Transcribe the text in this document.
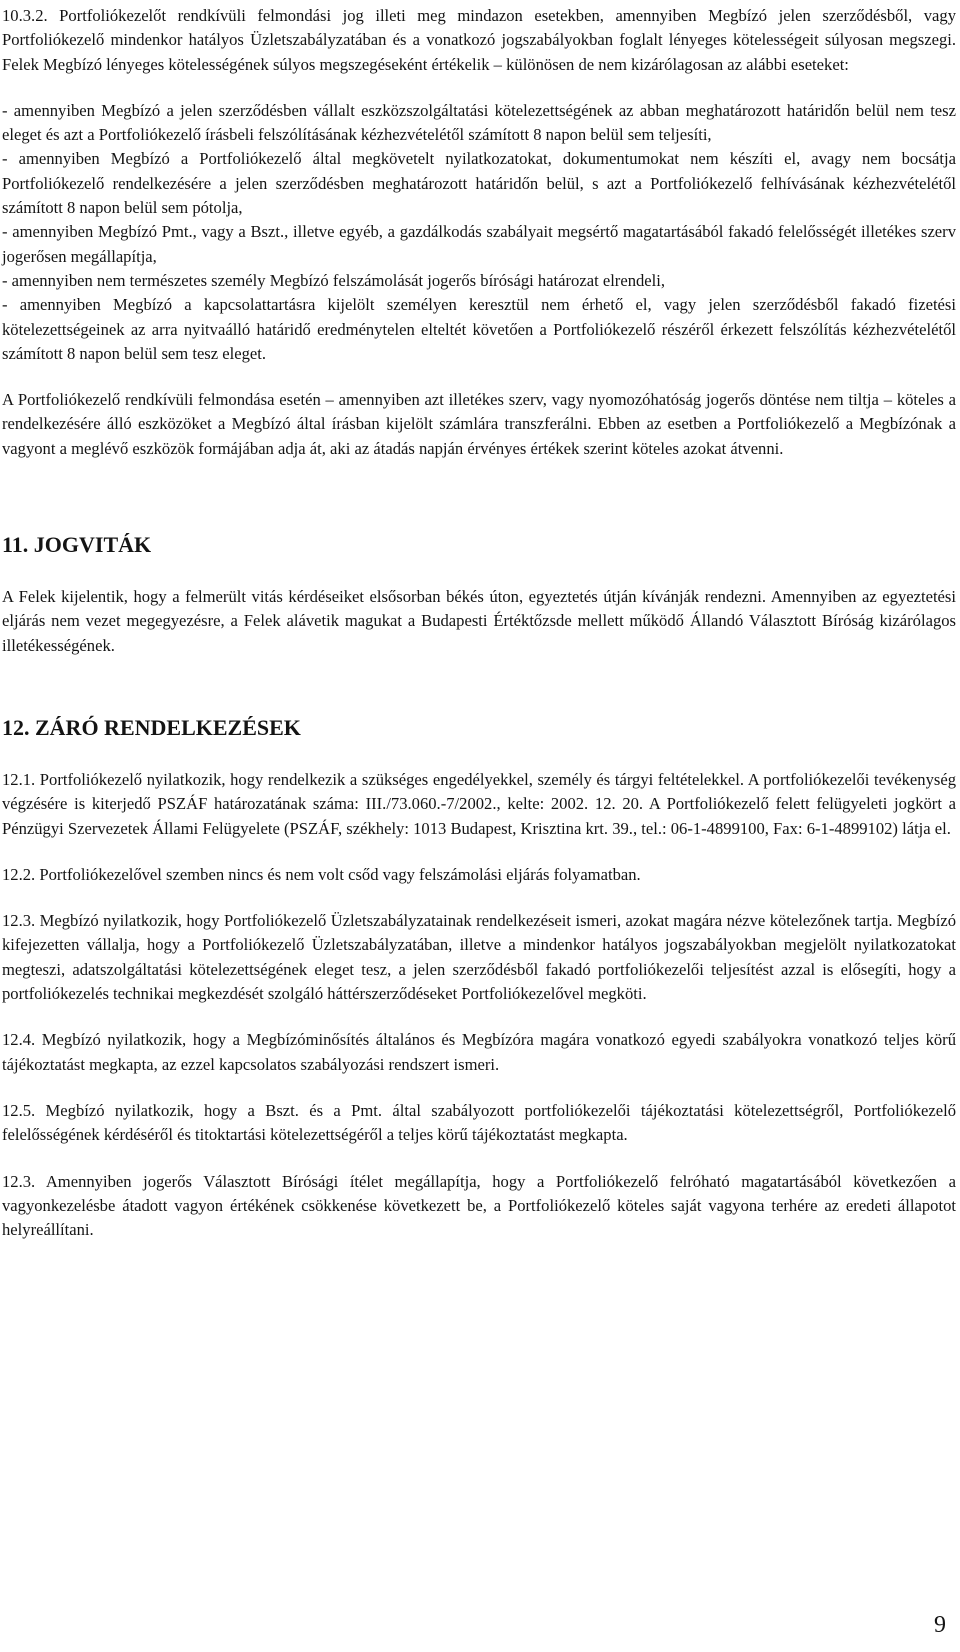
10.3.2. Portfoliókezelőt rendkívüli felmondási jog illeti meg mindazon esetekben, amennyiben Megbízó jelen szerződésből, vagy Portfoliókezelő mindenkor hatályos Üzletszabályzatában és a vonatkozó jogszabályokban foglalt lényeges kötelességeit súlyosan megszegi. Felek Megbízó lényeges kötelességének súlyos megszegéseként értékelik – különösen de nem kizárólagosan az alábbi eseteket:

- amennyiben Megbízó a jelen szerződésben vállalt eszközszolgáltatási kötelezettségének az abban meghatározott határidőn belül nem tesz eleget és azt a Portfoliókezelő írásbeli felszólításának kézhezvételétől számított 8 napon belül sem teljesíti,

- amennyiben Megbízó a Portfoliókezelő által megkövetelt nyilatkozatokat, dokumentumokat nem készíti el, avagy nem bocsátja Portfoliókezelő rendelkezésére a jelen szerződésben meghatározott határidőn belül, s azt a Portfoliókezelő felhívásának kézhezvételétől számított 8 napon belül sem pótolja,

- amennyiben Megbízó Pmt., vagy a Bszt., illetve egyéb, a gazdálkodás szabályait megsértő magatartásából fakadó felelősségét illetékes szerv jogerősen megállapítja,

- amennyiben nem természetes személy Megbízó felszámolását jogerős bírósági határozat elrendeli,

- amennyiben Megbízó a kapcsolattartásra kijelölt személyen keresztül nem érhető el, vagy jelen szerződésből fakadó fizetési kötelezettségeinek az arra nyitvaálló határidő eredménytelen elteltét követően a Portfoliókezelő részéről érkezett felszólítás kézhezvételétől számított 8 napon belül sem tesz eleget.

A Portfoliókezelő rendkívüli felmondása esetén – amennyiben azt illetékes szerv, vagy nyomozóhatóság jogerős döntése nem tiltja – köteles a rendelkezésére álló eszközöket a Megbízó által írásban kijelölt számlára transzferálni. Ebben az esetben a Portfoliókezelő a Megbízónak a vagyont a meglévő eszközök formájában adja át, aki az átadás napján érvényes értékek szerint köteles azokat átvenni.

11. JOGVITÁK

A Felek kijelentik, hogy a felmerült vitás kérdéseiket elsősorban békés úton, egyeztetés útján kívánják rendezni. Amennyiben az egyeztetési eljárás nem vezet megegyezésre, a Felek alávetik magukat a Budapesti Értéktőzsde mellett működő Állandó Választott Bíróság kizárólagos illetékességének.

12. ZÁRÓ RENDELKEZÉSEK

12.1. Portfoliókezelő nyilatkozik, hogy rendelkezik a szükséges engedélyekkel, személy és tárgyi feltételekkel. A portfoliókezelői tevékenység végzésére is kiterjedő PSZÁF határozatának száma: III./73.060.-7/2002., kelte: 2002. 12. 20. A Portfoliókezelő felett felügyeleti jogkört a Pénzügyi Szervezetek Állami Felügyelete (PSZÁF, székhely: 1013 Budapest, Krisztina krt. 39., tel.: 06-1-4899100, Fax: 6-1-4899102) látja el.

12.2. Portfoliókezelővel szemben nincs és nem volt csőd vagy felszámolási eljárás folyamatban.

12.3. Megbízó nyilatkozik, hogy Portfoliókezelő Üzletszabályzatainak rendelkezéseit ismeri, azokat magára nézve kötelezőnek tartja. Megbízó kifejezetten vállalja, hogy a Portfoliókezelő Üzletszabályzatában, illetve a mindenkor hatályos jogszabályokban megjelölt nyilatkozatokat megteszi, adatszolgáltatási kötelezettségének eleget tesz, a jelen szerződésből fakadó portfoliókezelői teljesítést azzal is elősegíti, hogy a portfoliókezelés technikai megkezdését szolgáló háttérszerződéseket Portfoliókezelővel megköti.

12.4. Megbízó nyilatkozik, hogy a Megbízóminősítés általános és Megbízóra magára vonatkozó egyedi szabályokra vonatkozó teljes körű tájékoztatást megkapta, az ezzel kapcsolatos szabályozási rendszert ismeri.

12.5. Megbízó nyilatkozik, hogy a Bszt. és a Pmt. által szabályozott portfoliókezelői tájékoztatási kötelezettségről, Portfoliókezelő felelősségének kérdéséről és titoktartási kötelezettségéről a teljes körű tájékoztatást megkapta.

12.3. Amennyiben jogerős Választott Bírósági ítélet megállapítja, hogy a Portfoliókezelő felróható magatartásából következően a vagyonkezelésbe átadott vagyon értékének csökkenése következett be, a Portfoliókezelő köteles saját vagyona terhére az eredeti állapotot helyreállítani.

9
